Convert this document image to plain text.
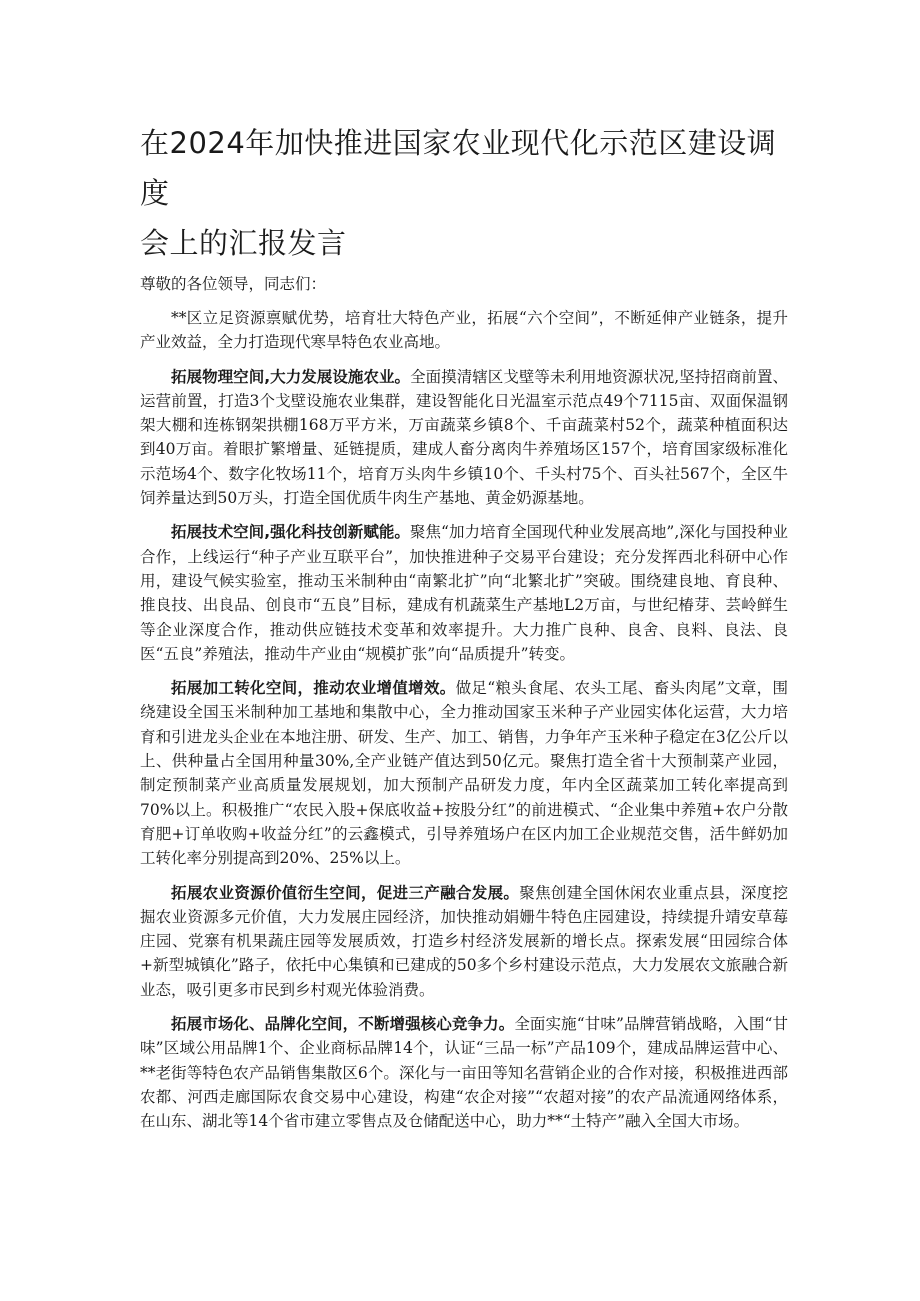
在2024年加快推进国家农业现代化示范区建设调度
会上的汇报发言

尊敬的各位领导，同志们：

**区立足资源禀赋优势，培育壮大特色产业，拓展“六个空间”，不断延伸产业链条，提升产业效益，全力打造现代寒旱特色农业高地。

拓展物理空间,大力发展设施农业。全面摸清辖区戈壁等未利用地资源状况,坚持招商前置、运营前置，打造3个戈壁设施农业集群，建设智能化日光温室示范点49个7115亩、双面保温钢架大棚和连栋钢架拱棚168万平方米，万亩蔬菜乡镇8个、千亩蔬菜村52个，蔬菜种植面积达到40万亩。着眼扩繁增量、延链提质，建成人畜分离肉牛养殖场区157个，培育国家级标准化示范场4个、数字化牧场11个，培育万头肉牛乡镇10个、千头村75个、百头社567个，全区牛饲养量达到50万头，打造全国优质牛肉生产基地、黄金奶源基地。

拓展技术空间,强化科技创新赋能。聚焦“加力培育全国现代种业发展高地”,深化与国投种业合作，上线运行“种子产业互联平台”，加快推进种子交易平台建设；充分发挥西北科研中心作用，建设气候实验室，推动玉米制种由“南繁北扩”向“北繁北扩”突破。围绕建良地、育良种、推良技、出良品、创良市“五良”目标，建成有机蔬菜生产基地L2万亩，与世纪椿芽、芸岭鲜生等企业深度合作，推动供应链技术变革和效率提升。大力推广良种、良舍、良料、良法、良医“五良”养殖法，推动牛产业由“规模扩张”向“品质提升”转变。

拓展加工转化空间，推动农业增值增效。做足“粮头食尾、农头工尾、畜头肉尾”文章，围绕建设全国玉米制种加工基地和集散中心，全力推动国家玉米种子产业园实体化运营，大力培育和引进龙头企业在本地注册、研发、生产、加工、销售，力争年产玉米种子稳定在3亿公斤以上、供种量占全国用种量30%,全产业链产值达到50亿元。聚焦打造全省十大预制菜产业园，制定预制菜产业高质量发展规划，加大预制产品研发力度，年内全区蔬菜加工转化率提高到70%以上。积极推广“农民入股+保底收益+按股分红”的前进模式、“企业集中养殖+农户分散育肥+订单收购+收益分红”的云鑫模式，引导养殖场户在区内加工企业规范交售，活牛鲜奶加工转化率分别提高到20%、25%以上。

拓展农业资源价值衍生空间，促进三产融合发展。聚焦创建全国休闲农业重点县，深度挖掘农业资源多元价值，大力发展庄园经济，加快推动娟姗牛特色庄园建设，持续提升靖安草莓庄园、党寨有机果蔬庄园等发展质效，打造乡村经济发展新的增长点。探索发展“田园综合体+新型城镇化”路子，依托中心集镇和已建成的50多个乡村建设示范点，大力发展农文旅融合新业态，吸引更多市民到乡村观光体验消费。

拓展市场化、品牌化空间，不断增强核心竞争力。全面实施“甘味”品牌营销战略，入围“甘味”区域公用品牌1个、企业商标品牌14个，认证“三品一标”产品109个，建成品牌运营中心、**老街等特色农产品销售集散区6个。深化与一亩田等知名营销企业的合作对接，积极推进西部农都、河西走廊国际农食交易中心建设，构建“农企对接”“农超对接”的农产品流通网络体系，在山东、湖北等14个省市建立零售点及仓储配送中心，助力**“土特产”融入全国大市场。
